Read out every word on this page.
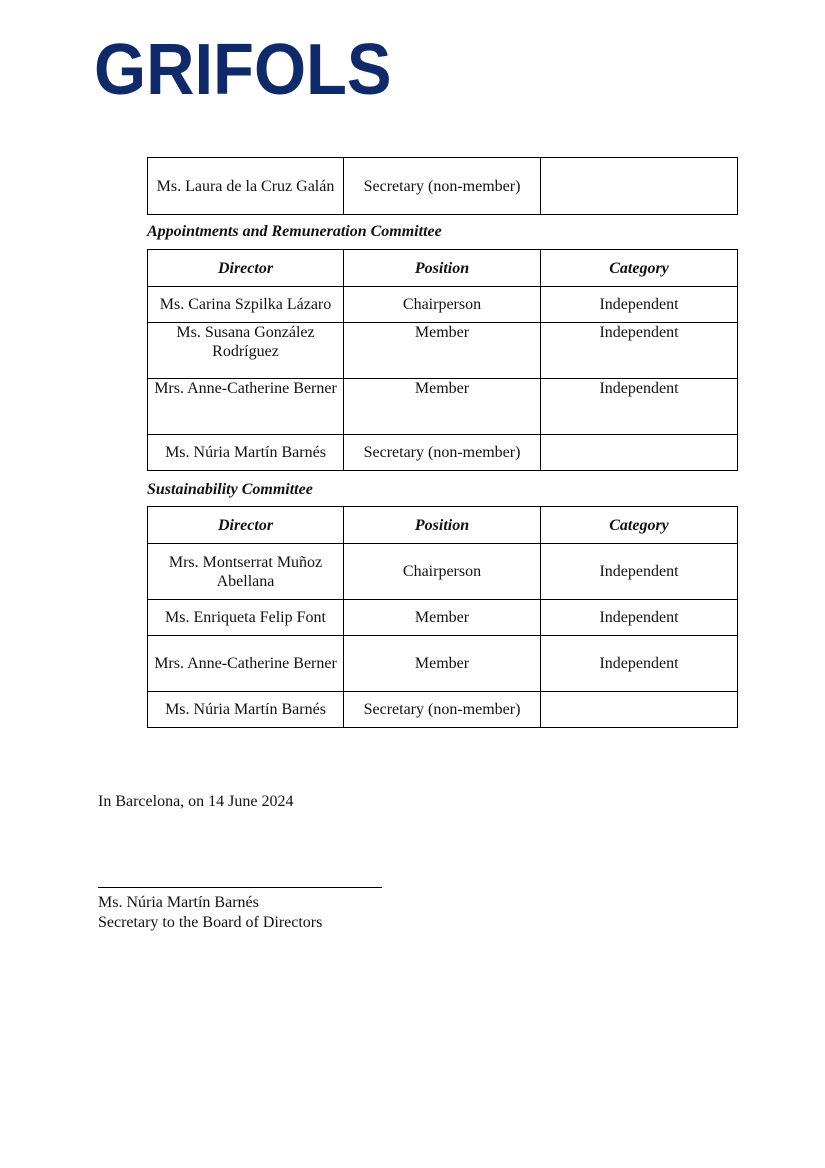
GRIFOLS
Ms. Laura de la Cruz Galán	Secretary (non-member)	
Appointments and Remuneration Committee
Director	Position	Category
Ms. Carina Szpilka Lázaro	Chairperson	Independent
Ms. Susana González Rodríguez	Member	Independent
Mrs. Anne-Catherine Berner	Member	Independent
Ms. Núria Martín Barnés	Secretary (non-member)	
Sustainability Committee
Director	Position	Category
Mrs. Montserrat Muñoz Abellana	Chairperson	Independent
Ms. Enriqueta Felip Font	Member	Independent
Mrs. Anne-Catherine Berner	Member	Independent
Ms. Núria Martín Barnés	Secretary (non-member)	
In Barcelona, on 14 June 2024
Ms. Núria Martín Barnés
Secretary to the Board of Directors
